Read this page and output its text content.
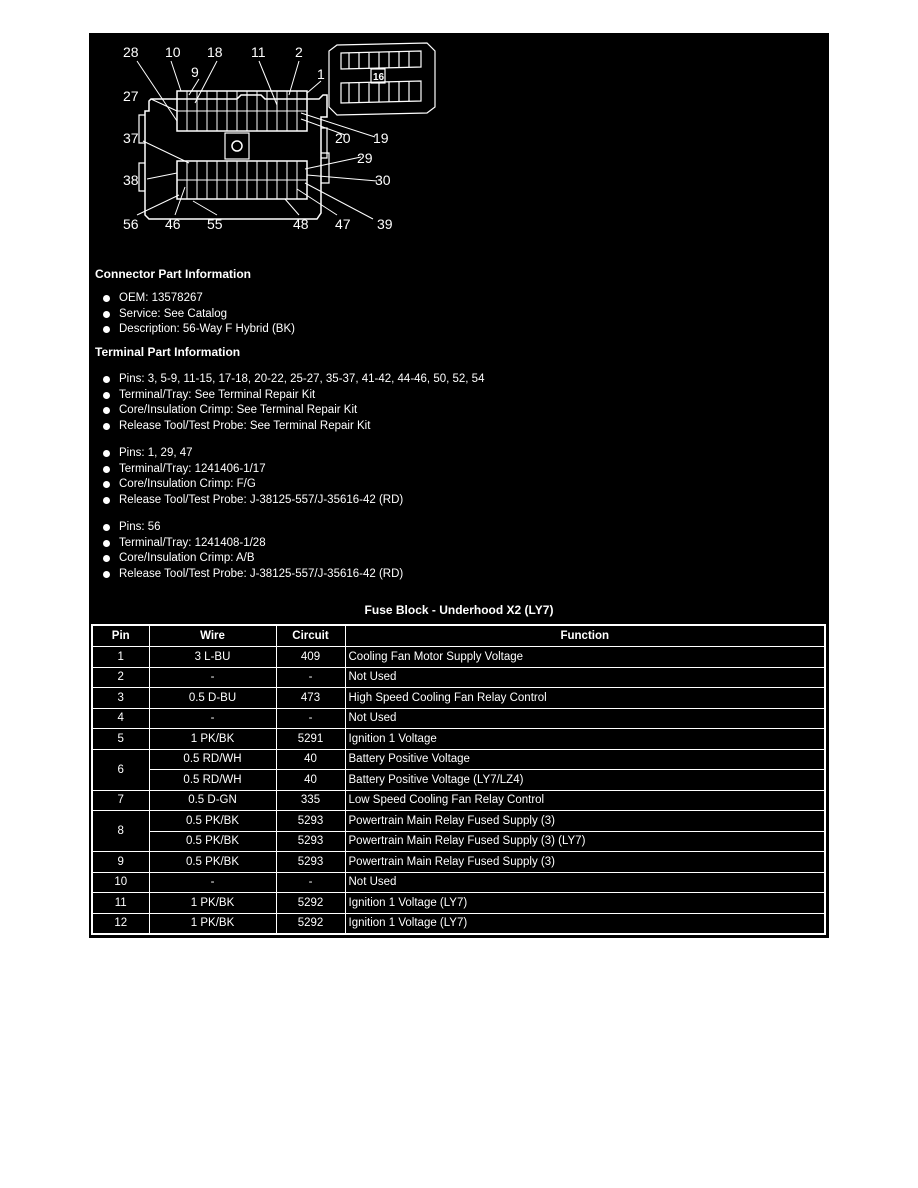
28 10 18 11 2
9	1
27
20 19
37
29
38	30
56 46 55	48 47 39
16
Connector Part Information
OEM: 13578267
Service: See Catalog
Description: 56-Way F Hybrid (BK)
Terminal Part Information
Pins: 3, 5-9, 11-15, 17-18, 20-22, 25-27, 35-37, 41-42, 44-46, 50, 52, 54
Terminal/Tray: See Terminal Repair Kit
Core/Insulation Crimp: See Terminal Repair Kit
Release Tool/Test Probe: See Terminal Repair Kit
Pins: 1, 29, 47
Terminal/Tray: 1241406-1/17
Core/Insulation Crimp: F/G
Release Tool/Test Probe: J-38125-557/J-35616-42 (RD)
Pins: 56
Terminal/Tray: 1241408-1/28
Core/Insulation Crimp: A/B
Release Tool/Test Probe: J-38125-557/J-35616-42 (RD)
Fuse Block - Underhood X2 (LY7)
Pin	Wire	Circuit	Function
1	3 L-BU	409	Cooling Fan Motor Supply Voltage
2	-	-	Not Used
3	0.5 D-BU	473	High Speed Cooling Fan Relay Control
4	-	-	Not Used
5	1 PK/BK	5291	Ignition 1 Voltage
6	0.5 RD/WH	40	Battery Positive Voltage
	0.5 RD/WH	40	Battery Positive Voltage (LY7/LZ4)
7	0.5 D-GN	335	Low Speed Cooling Fan Relay Control
8	0.5 PK/BK	5293	Powertrain Main Relay Fused Supply (3)
	0.5 PK/BK	5293	Powertrain Main Relay Fused Supply (3) (LY7)
9	0.5 PK/BK	5293	Powertrain Main Relay Fused Supply (3)
10	-	-	Not Used
11	1 PK/BK	5292	Ignition 1 Voltage (LY7)
12	1 PK/BK	5292	Ignition 1 Voltage (LY7)
